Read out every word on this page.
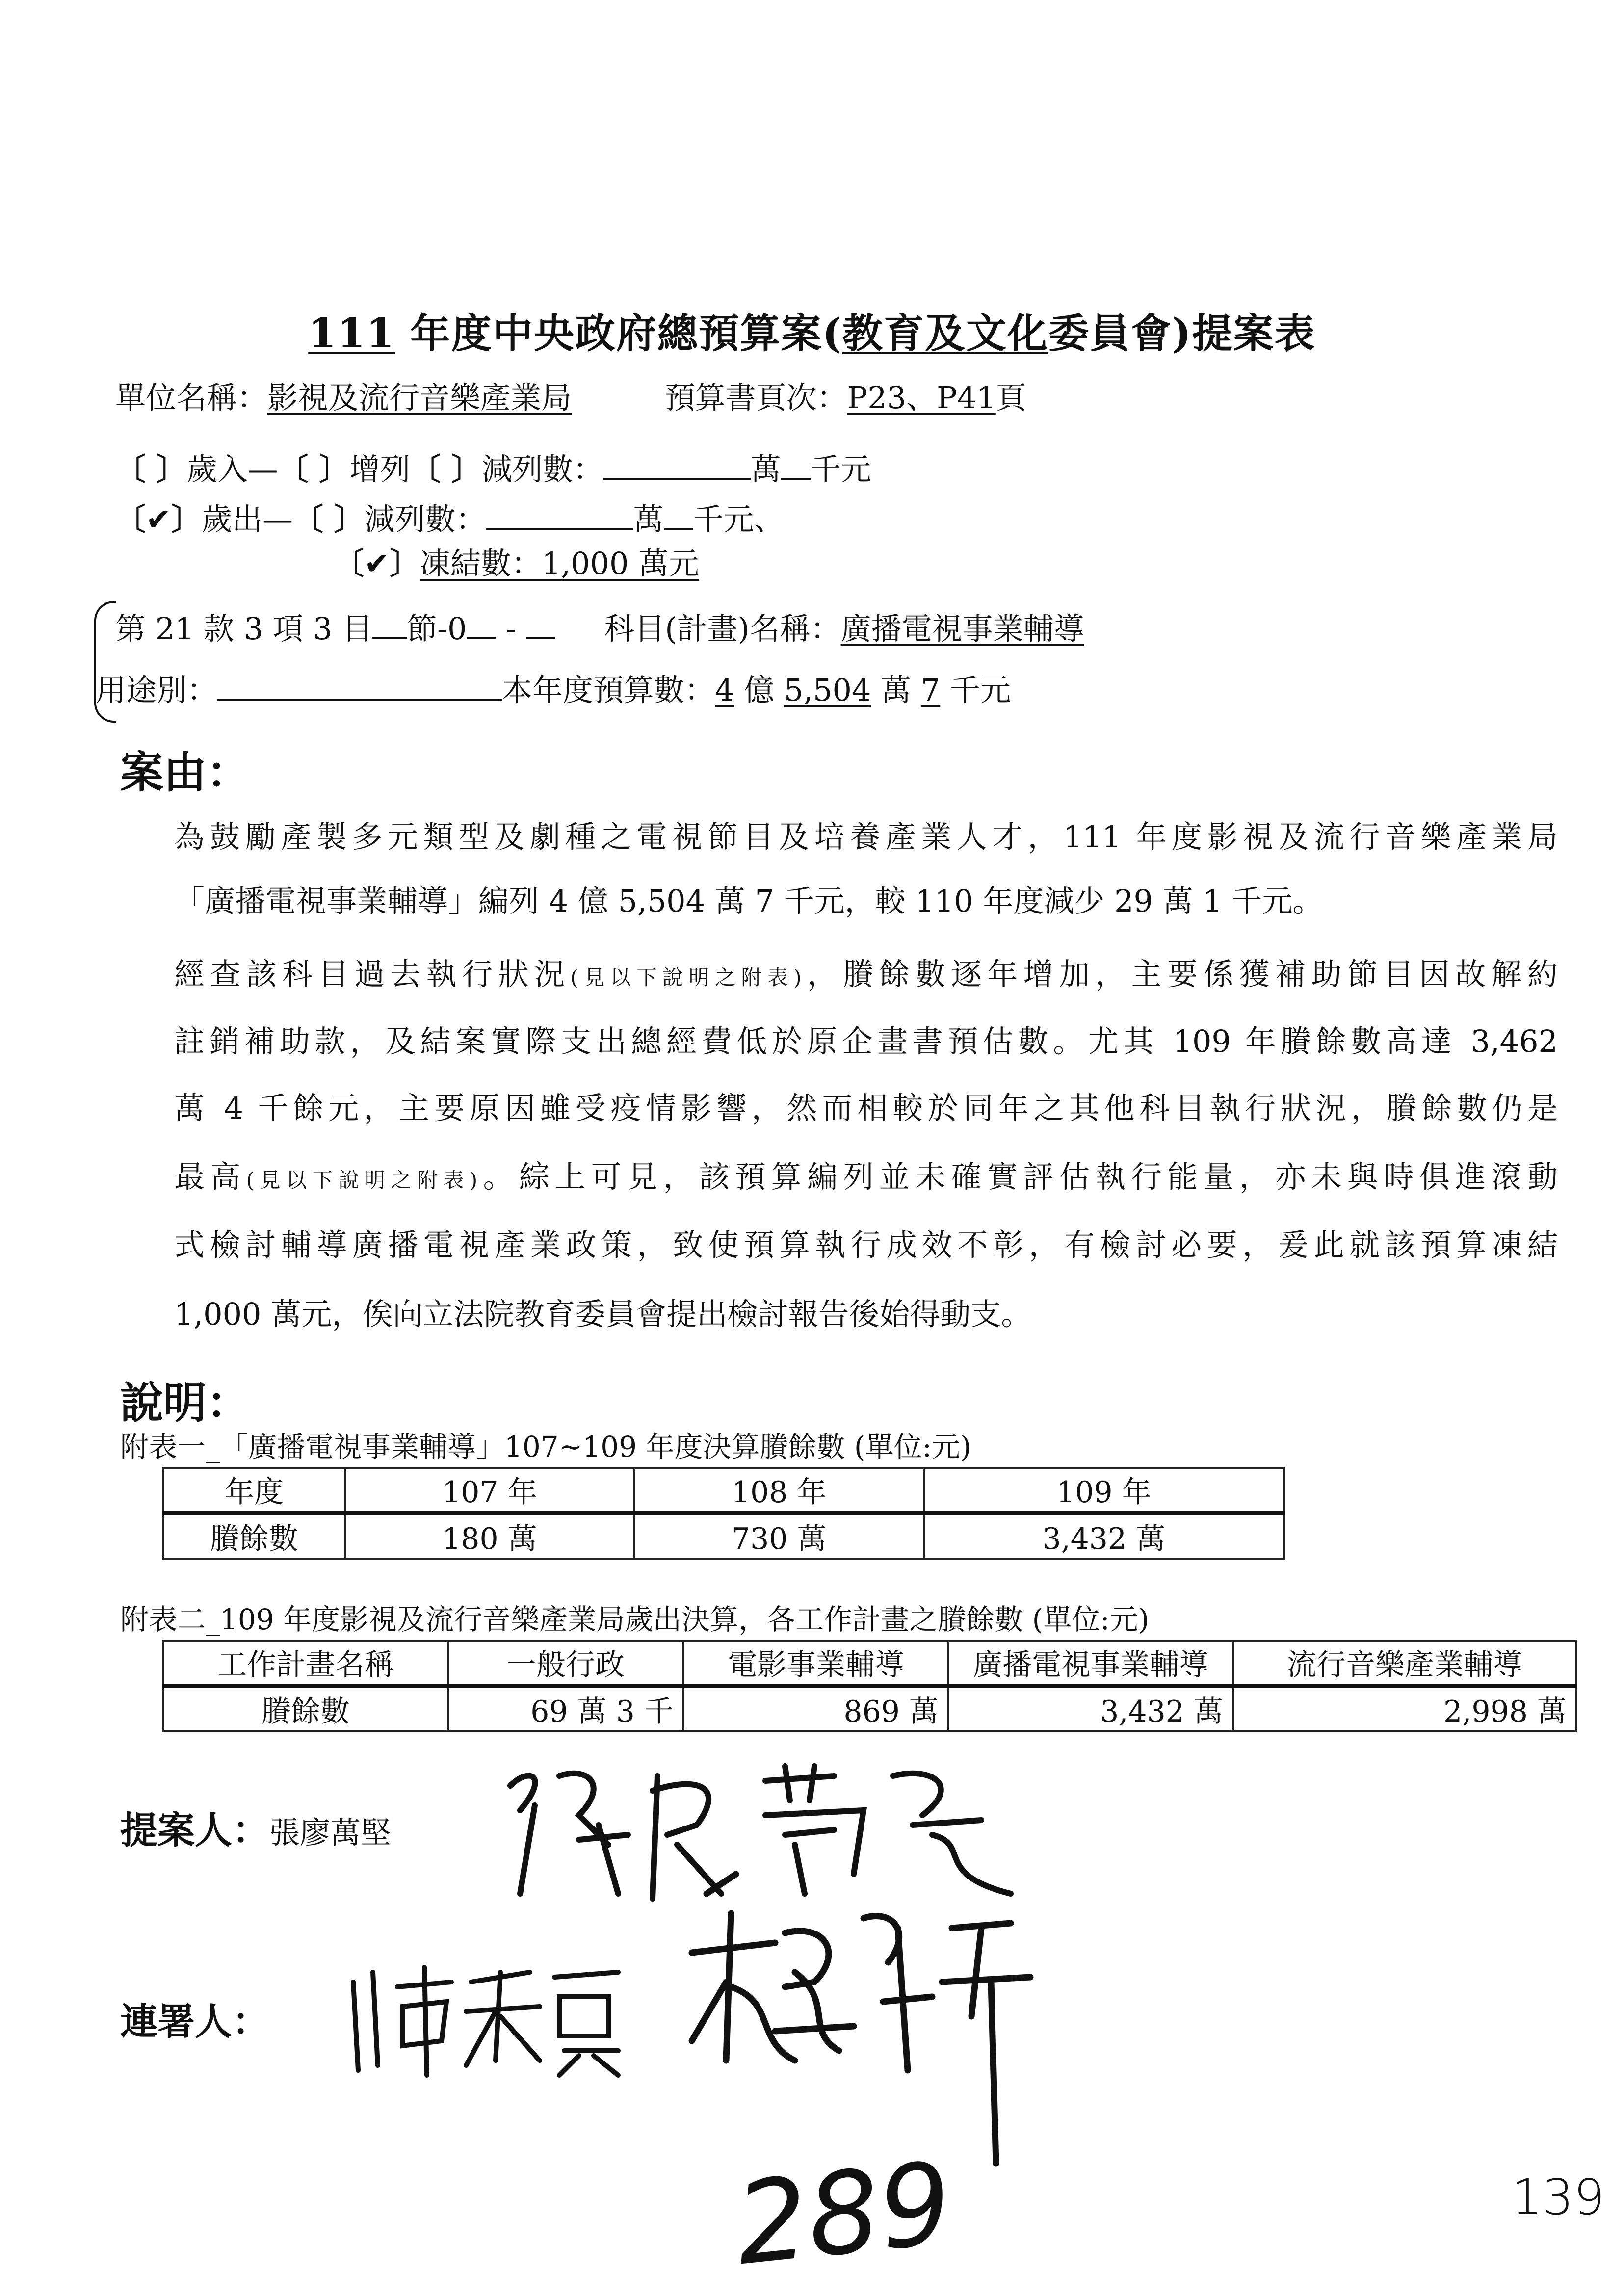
111 年度中央政府總預算案(教育及文化委員會)提案表
單位名稱：影視及流行音樂產業局	預算書頁次：P23、P41頁
〔 〕歲入—〔 〕增列〔 〕減列數：	萬 千元
〔✔〕歲出—〔 〕減列數：	萬 千元、
〔✔〕凍結數：1,000 萬元
第 21 款 3 項 3 目 節-0 -	科目(計畫)名稱：廣播電視事業輔導
用途別：	本年度預算數：4 億 5,504 萬 7 千元
案由：
為鼓勵產製多元類型及劇種之電視節目及培養產業人才，111 年度影視及流行音樂產業局
「廣播電視事業輔導」編列 4 億 5,504 萬 7 千元，較 110 年度減少 29 萬 1 千元。
經查該科目過去執行狀況(見以下說明之附表)，賸餘數逐年增加，主要係獲補助節目因故解約
註銷補助款，及結案實際支出總經費低於原企畫書預估數。尤其 109 年賸餘數高達 3,462
萬 4 千餘元，主要原因雖受疫情影響，然而相較於同年之其他科目執行狀況，賸餘數仍是
最高(見以下說明之附表)。綜上可見，該預算編列並未確實評估執行能量，亦未與時俱進滾動
式檢討輔導廣播電視產業政策，致使預算執行成效不彰，有檢討必要，爰此就該預算凍結
1,000 萬元，俟向立法院教育委員會提出檢討報告後始得動支。
說明：
附表一_「廣播電視事業輔導」107~109 年度決算賸餘數 (單位:元)
年度	107 年	108 年	109 年
賸餘數	180 萬	730 萬	3,432 萬
附表二_109 年度影視及流行音樂產業局歲出決算，各工作計畫之賸餘數 (單位:元)
工作計畫名稱	一般行政	電影事業輔導	廣播電視事業輔導	流行音樂產業輔導
賸餘數	69 萬 3 千	869 萬	3,432 萬	2,998 萬
提案人：張廖萬堅
連署人：
289	139
